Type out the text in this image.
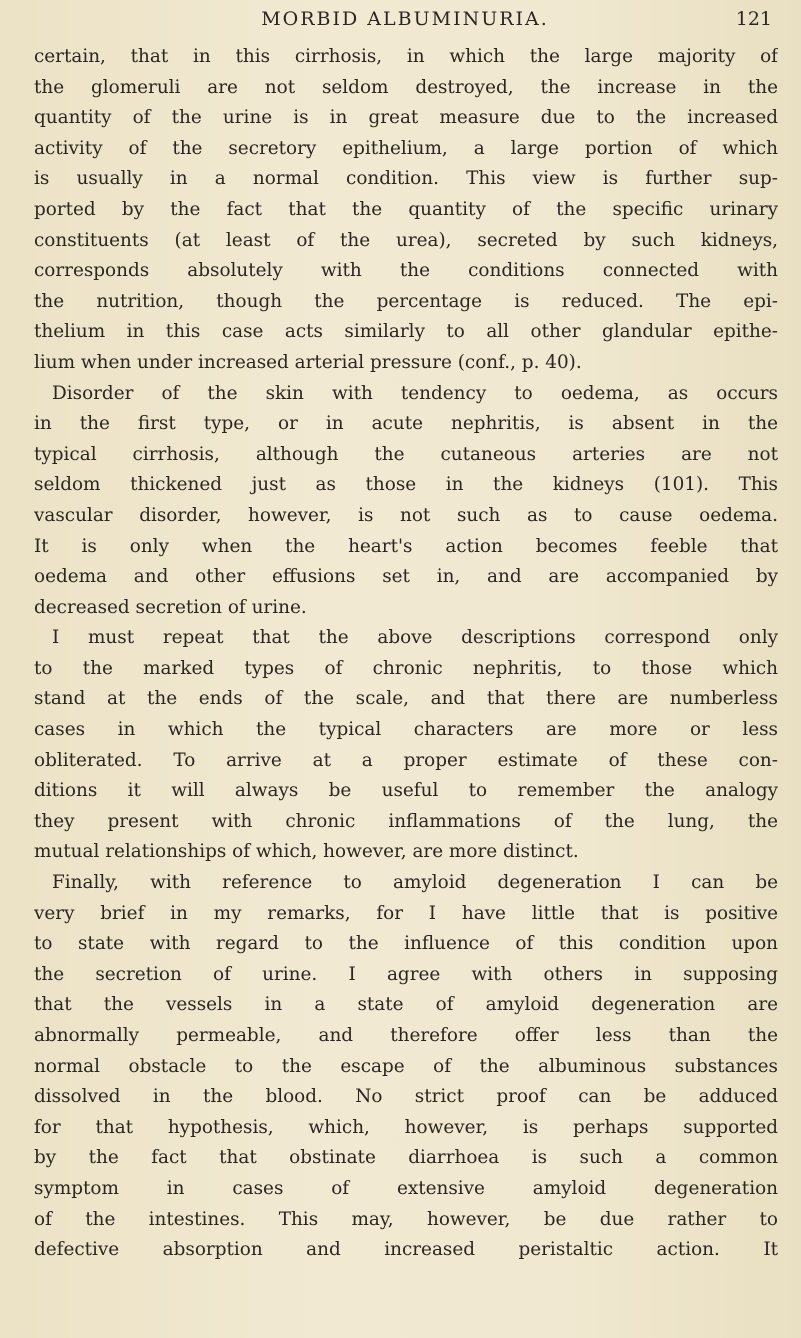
MORBID ALBUMINURIA.	121
certain, that in this cirrhosis, in which the large majority of
the glomeruli are not seldom destroyed, the increase in the
quantity of the urine is in great measure due to the increased
activity of the secretory epithelium, a large portion of which
is usually in a normal condition. This view is further sup-
ported by the fact that the quantity of the specific urinary
constituents (at least of the urea), secreted by such kidneys,
corresponds absolutely with the conditions connected with
the nutrition, though the percentage is reduced. The epi-
thelium in this case acts similarly to all other glandular epithe-
lium when under increased arterial pressure (conf., p. 40).
Disorder of the skin with tendency to oedema, as occurs
in the first type, or in acute nephritis, is absent in the
typical cirrhosis, although the cutaneous arteries are not
seldom thickened just as those in the kidneys (101). This
vascular disorder, however, is not such as to cause oedema.
It is only when the heart's action becomes feeble that
oedema and other effusions set in, and are accompanied by
decreased secretion of urine.
I must repeat that the above descriptions correspond only
to the marked types of chronic nephritis, to those which
stand at the ends of the scale, and that there are numberless
cases in which the typical characters are more or less
obliterated. To arrive at a proper estimate of these con-
ditions it will always be useful to remember the analogy
they present with chronic inflammations of the lung, the
mutual relationships of which, however, are more distinct.
Finally, with reference to amyloid degeneration I can be
very brief in my remarks, for I have little that is positive
to state with regard to the influence of this condition upon
the secretion of urine. I agree with others in supposing
that the vessels in a state of amyloid degeneration are
abnormally permeable, and therefore offer less than the
normal obstacle to the escape of the albuminous substances
dissolved in the blood. No strict proof can be adduced
for that hypothesis, which, however, is perhaps supported
by the fact that obstinate diarrhoea is such a common
symptom in cases of extensive amyloid degeneration
of the intestines. This may, however, be due rather to
defective absorption and increased peristaltic action. It
